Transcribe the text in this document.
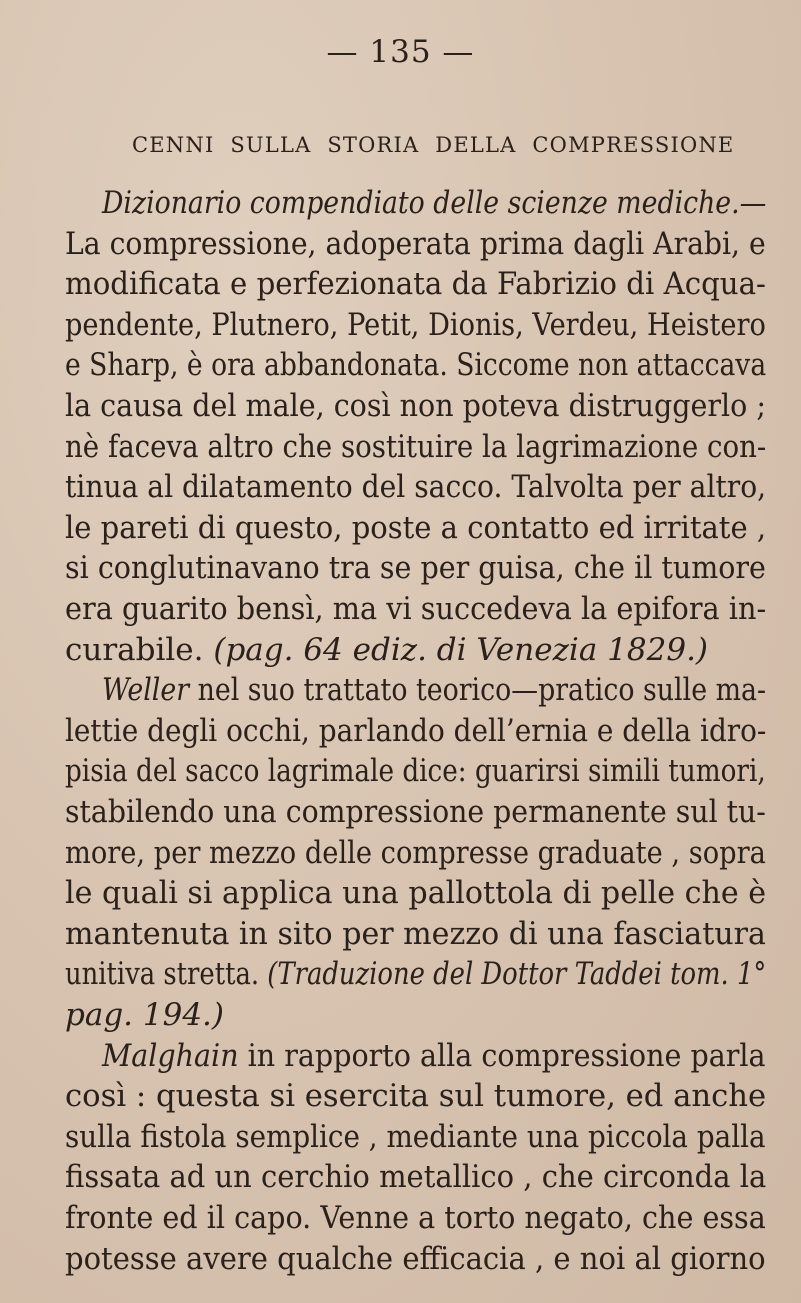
— 135 —
CENNI SULLA STORIA DELLA COMPRESSIONE
Dizionario compendiato delle scienze mediche.—
La compressione, adoperata prima dagli Arabi, e
modificata e perfezionata da Fabrizio di Acqua-
pendente, Plutnero, Petit, Dionis, Verdeu, Heistero
e Sharp, è ora abbandonata. Siccome non attaccava
la causa del male, così non poteva distruggerlo ;
nè faceva altro che sostituire la lagrimazione con-
tinua al dilatamento del sacco. Talvolta per altro,
le pareti di questo, poste a contatto ed irritate ,
si conglutinavano tra se per guisa, che il tumore
era guarito bensì, ma vi succedeva la epifora in-
curabile. (pag. 64 ediz. di Venezia 1829.)
Weller nel suo trattato teorico—pratico sulle ma-
lettie degli occhi, parlando dell’ernia e della idro-
pisia del sacco lagrimale dice: guarirsi simili tumori,
stabilendo una compressione permanente sul tu-
more, per mezzo delle compresse graduate , sopra
le quali si applica una pallottola di pelle che è
mantenuta in sito per mezzo di una fasciatura
unitiva stretta. (Traduzione del Dottor Taddei tom. 1°
pag. 194.)
Malghain in rapporto alla compressione parla
così : questa si esercita sul tumore, ed anche
sulla fistola semplice , mediante una piccola palla
fissata ad un cerchio metallico , che circonda la
fronte ed il capo. Venne a torto negato, che essa
potesse avere qualche efficacia , e noi al giorno
